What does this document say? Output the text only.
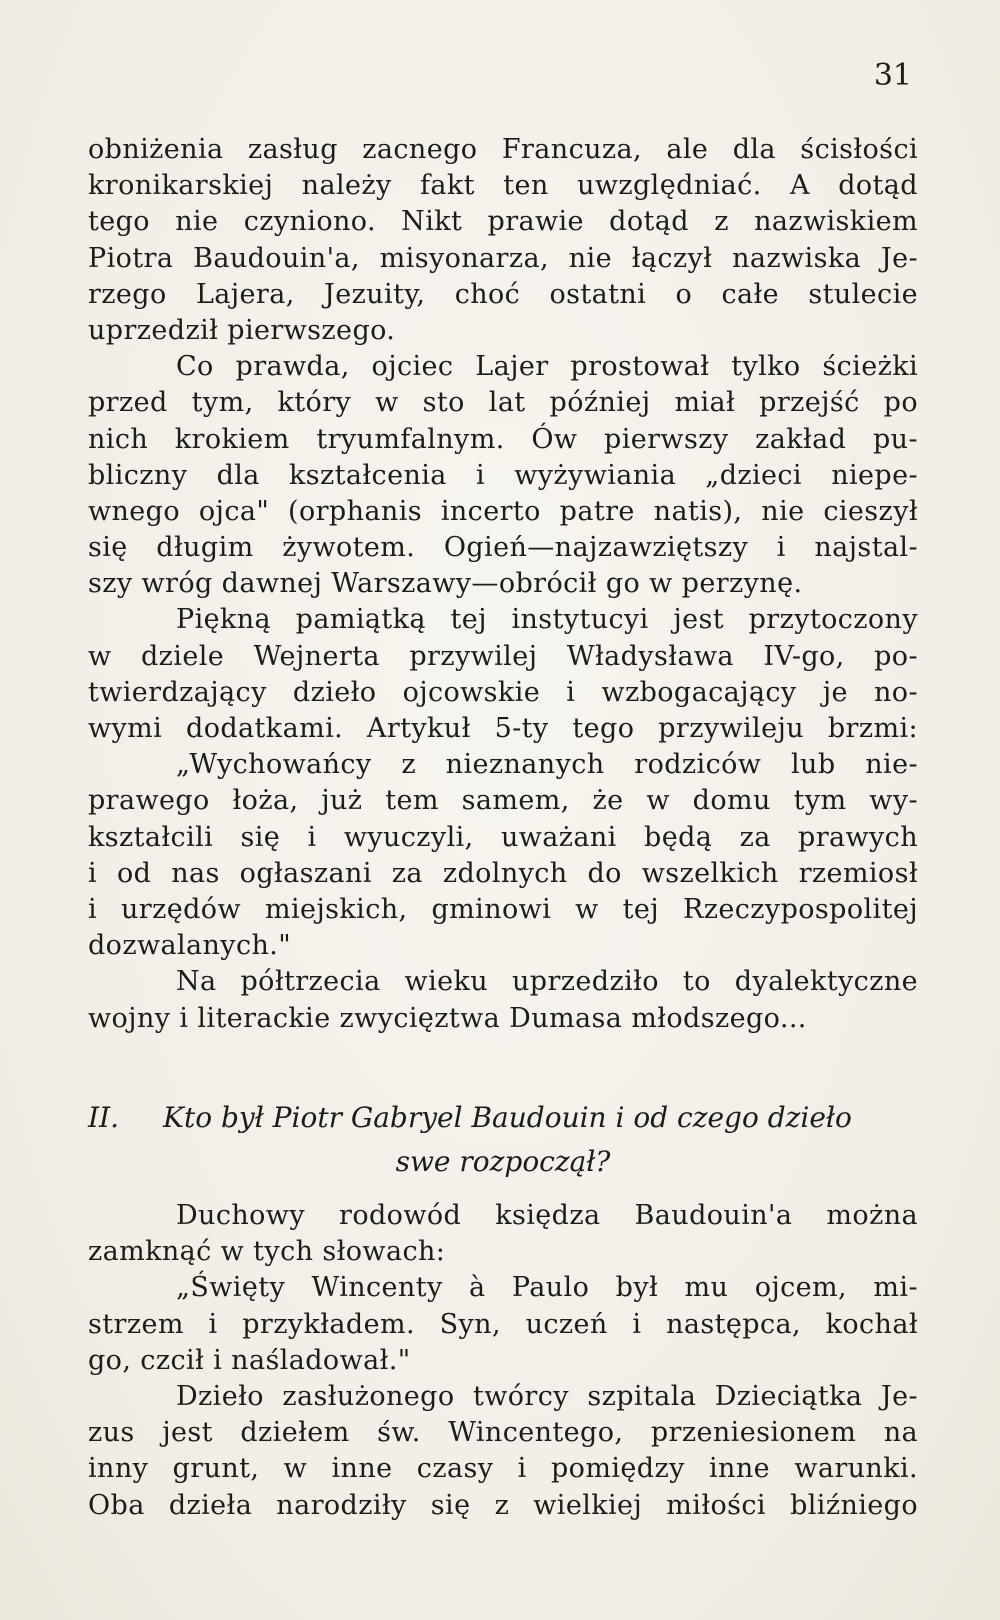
31
obniżenia zasług zacnego Francuza, ale dla ścisłości
kronikarskiej należy fakt ten uwzględniać. A dotąd
tego nie czyniono. Nikt prawie dotąd z nazwiskiem
Piotra Baudouin'a, misyonarza, nie łączył nazwiska Je-
rzego Lajera, Jezuity, choć ostatni o całe stulecie
uprzedził pierwszego.
Co prawda, ojciec Lajer prostował tylko ścieżki
przed tym, który w sto lat później miał przejść po
nich krokiem tryumfalnym. Ów pierwszy zakład pu-
bliczny dla kształcenia i wyżywiania „dzieci niepe-
wnego ojca" (orphanis incerto patre natis), nie cieszył
się długim żywotem. Ogień—najzawziętszy i najstal-
szy wróg dawnej Warszawy—obrócił go w perzynę.
Piękną pamiątką tej instytucyi jest przytoczony
w dziele Wejnerta przywilej Władysława IV-go, po-
twierdzający dzieło ojcowskie i wzbogacający je no-
wymi dodatkami. Artykuł 5-ty tego przywileju brzmi:
„Wychowańcy z nieznanych rodziców lub nie-
prawego łoża, już tem samem, że w domu tym wy-
kształcili się i wyuczyli, uważani będą za prawych
i od nas ogłaszani za zdolnych do wszelkich rzemiosł
i urzędów miejskich, gminowi w tej Rzeczypospolitej
dozwalanych."
Na półtrzecia wieku uprzedziło to dyalektyczne
wojny i literackie zwycięztwa Dumasa młodszego...
II. Kto był Piotr Gabryel Baudouin i od czego dzieło
swe rozpoczął?
Duchowy rodowód księdza Baudouin'a można
zamknąć w tych słowach:
„Święty Wincenty à Paulo był mu ojcem, mi-
strzem i przykładem. Syn, uczeń i następca, kochał
go, czcił i naśladował."
Dzieło zasłużonego twórcy szpitala Dzieciątka Je-
zus jest dziełem św. Wincentego, przeniesionem na
inny grunt, w inne czasy i pomiędzy inne warunki.
Oba dzieła narodziły się z wielkiej miłości bliźniego
